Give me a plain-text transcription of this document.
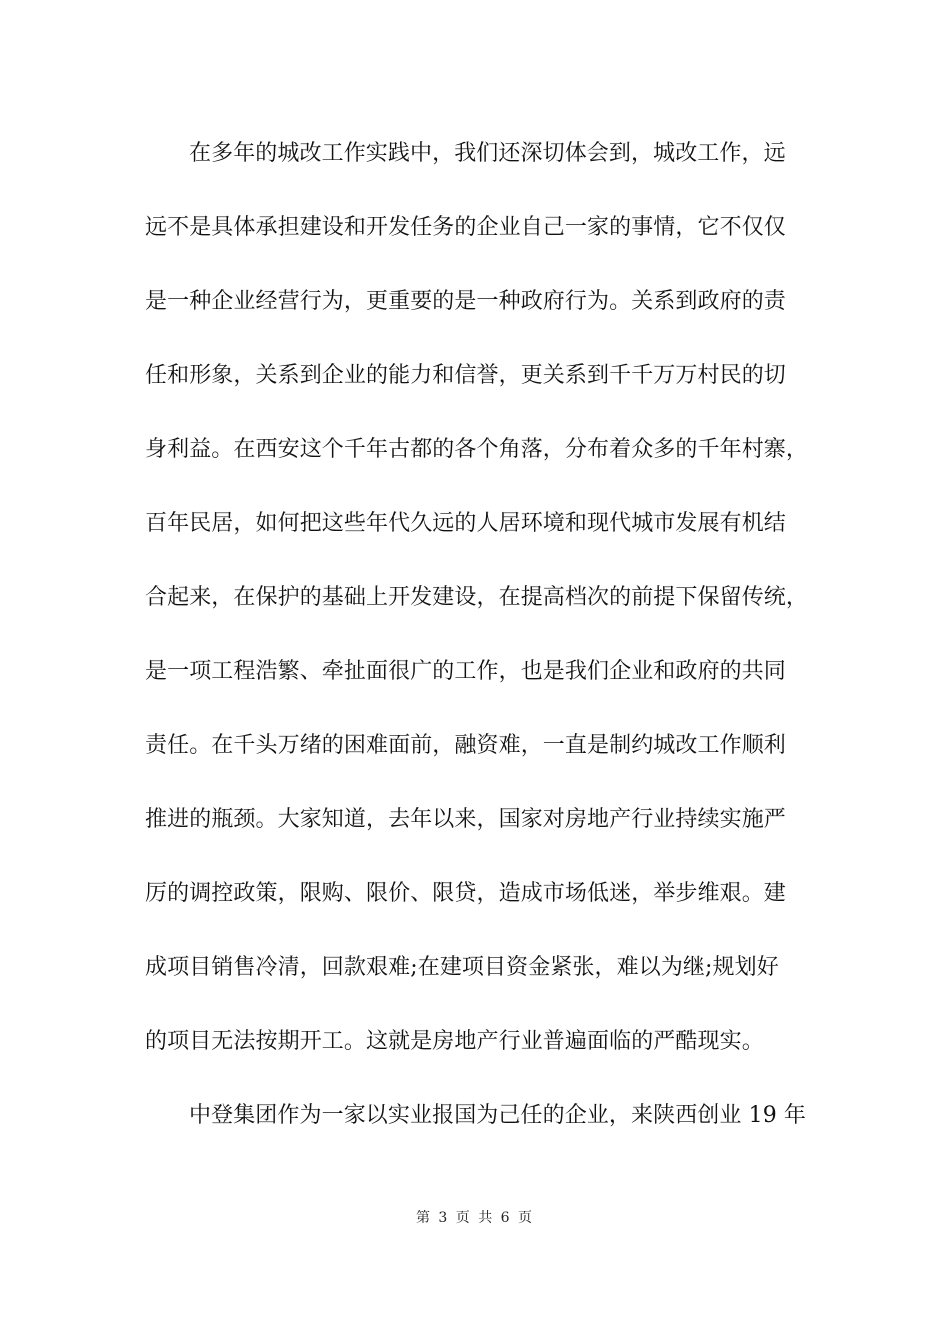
在多年的城改工作实践中，我们还深切体会到，城改工作，远
远不是具体承担建设和开发任务的企业自己一家的事情，它不仅仅
是一种企业经营行为，更重要的是一种政府行为。关系到政府的责
任和形象，关系到企业的能力和信誉，更关系到千千万万村民的切
身利益。在西安这个千年古都的各个角落，分布着众多的千年村寨，
百年民居，如何把这些年代久远的人居环境和现代城市发展有机结
合起来，在保护的基础上开发建设，在提高档次的前提下保留传统，
是一项工程浩繁、牵扯面很广的工作，也是我们企业和政府的共同
责任。在千头万绪的困难面前，融资难，一直是制约城改工作顺利
推进的瓶颈。大家知道，去年以来，国家对房地产行业持续实施严
厉的调控政策，限购、限价、限贷，造成市场低迷，举步维艰。建
成项目销售冷清，回款艰难;在建项目资金紧张，难以为继;规划好
的项目无法按期开工。这就是房地产行业普遍面临的严酷现实。
中登集团作为一家以实业报国为己任的企业，来陕西创业 19 年
第 3 页 共 6 页
